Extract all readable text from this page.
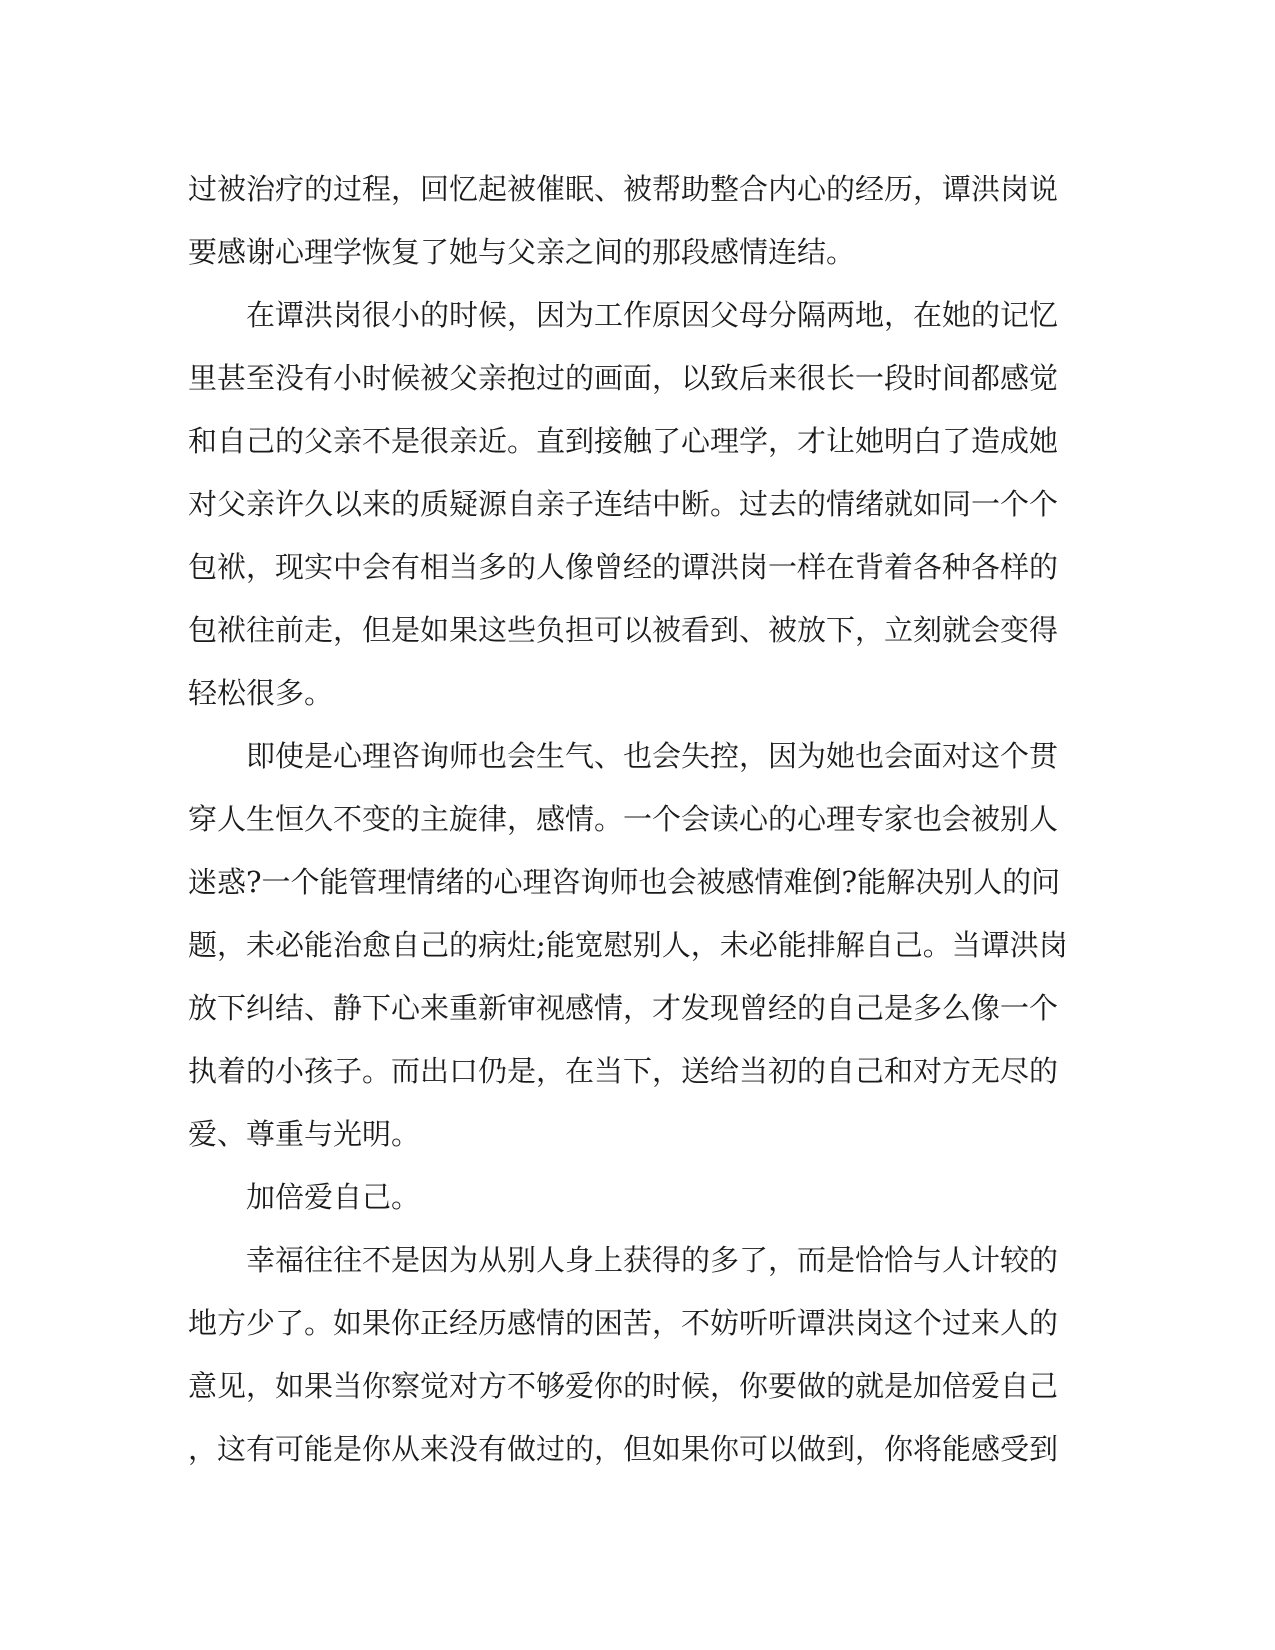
过被治疗的过程，回忆起被催眠、被帮助整合内心的经历，谭洪岗说
要感谢心理学恢复了她与父亲之间的那段感情连结。
　　在谭洪岗很小的时候，因为工作原因父母分隔两地，在她的记忆
里甚至没有小时候被父亲抱过的画面，以致后来很长一段时间都感觉
和自己的父亲不是很亲近。直到接触了心理学，才让她明白了造成她
对父亲许久以来的质疑源自亲子连结中断。过去的情绪就如同一个个
包袱，现实中会有相当多的人像曾经的谭洪岗一样在背着各种各样的
包袱往前走，但是如果这些负担可以被看到、被放下，立刻就会变得
轻松很多。
　　即使是心理咨询师也会生气、也会失控，因为她也会面对这个贯
穿人生恒久不变的主旋律，感情。一个会读心的心理专家也会被别人
迷惑?一个能管理情绪的心理咨询师也会被感情难倒?能解决别人的问
题，未必能治愈自己的病灶;能宽慰别人，未必能排解自己。当谭洪岗
放下纠结、静下心来重新审视感情，才发现曾经的自己是多么像一个
执着的小孩子。而出口仍是，在当下，送给当初的自己和对方无尽的
爱、尊重与光明。
　　加倍爱自己。
　　幸福往往不是因为从别人身上获得的多了，而是恰恰与人计较的
地方少了。如果你正经历感情的困苦，不妨听听谭洪岗这个过来人的
意见，如果当你察觉对方不够爱你的时候，你要做的就是加倍爱自己
，这有可能是你从来没有做过的，但如果你可以做到，你将能感受到
